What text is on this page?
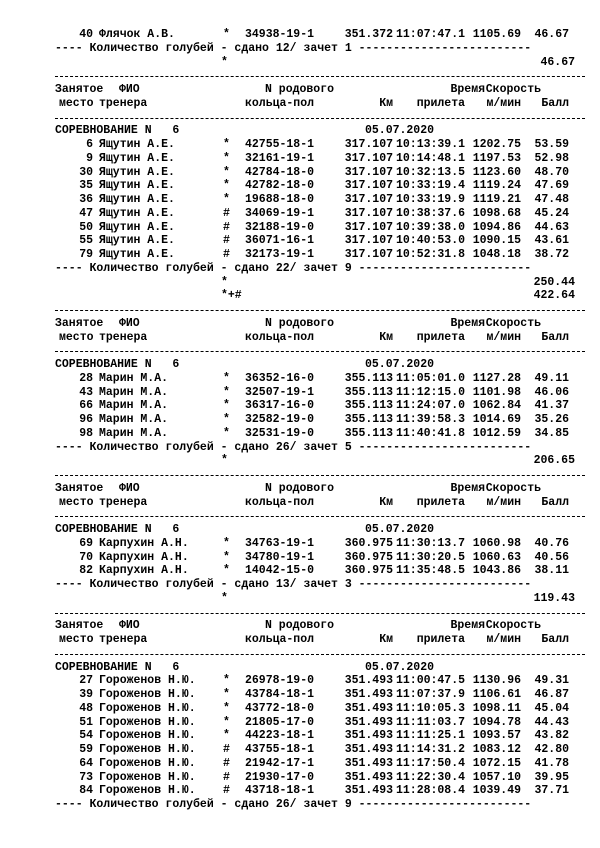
40 Флячок А.В.	* 34938-19-1	351.372 11:07:47.1 1105.69 46.67
---- Количество голубей - сдано 12/ зачет 1 -------------------------
*	46.67
Занятое ФИО	N родового	ВремяСкорость
место тренера	кольца-пол	Км прилета м/мин Балл
СОРЕВНОВАНИЕ N   6	05.07.2020
6 Ящутин А.Е.	* 42755-18-1	317.107 10:13:39.1 1202.75 53.59
9 Ящутин А.Е.	* 32161-19-1	317.107 10:14:48.1 1197.53 52.98
30 Ящутин А.Е.	* 42784-18-0	317.107 10:32:13.5 1123.60 48.70
35 Ящутин А.Е.	* 42782-18-0	317.107 10:33:19.4 1119.24 47.69
36 Ящутин А.Е.	* 19688-18-0	317.107 10:33:19.9 1119.21 47.48
47 Ящутин А.Е.	# 34069-19-1	317.107 10:38:37.6 1098.68 45.24
50 Ящутин А.Е.	# 32188-19-0	317.107 10:39:38.0 1094.86 44.63
55 Ящутин А.Е.	# 36071-16-1	317.107 10:40:53.0 1090.15 43.61
79 Ящутин А.Е.	# 32173-19-1	317.107 10:52:31.8 1048.18 38.72
---- Количество голубей - сдано 22/ зачет 9 -------------------------
*	250.44
*+#	422.64
Занятое ФИО	N родового	ВремяСкорость
место тренера	кольца-пол	Км прилета м/мин Балл
СОРЕВНОВАНИЕ N   6	05.07.2020
28 Марин М.А.	* 36352-16-0	355.113 11:05:01.0 1127.28 49.11
43 Марин М.А.	* 32507-19-1	355.113 11:12:15.0 1101.98 46.06
66 Марин М.А.	* 36317-16-0	355.113 11:24:07.0 1062.84 41.37
96 Марин М.А.	* 32582-19-0	355.113 11:39:58.3 1014.69 35.26
98 Марин М.А.	* 32531-19-0	355.113 11:40:41.8 1012.59 34.85
---- Количество голубей - сдано 26/ зачет 5 -------------------------
*	206.65
Занятое ФИО	N родового	ВремяСкорость
место тренера	кольца-пол	Км прилета м/мин Балл
СОРЕВНОВАНИЕ N   6	05.07.2020
69 Карпухин А.Н.	* 34763-19-1	360.975 11:30:13.7 1060.98 40.76
70 Карпухин А.Н.	* 34780-19-1	360.975 11:30:20.5 1060.63 40.56
82 Карпухин А.Н.	* 14042-15-0	360.975 11:35:48.5 1043.86 38.11
---- Количество голубей - сдано 13/ зачет 3 -------------------------
*	119.43
Занятое ФИО	N родового	ВремяСкорость
место тренера	кольца-пол	Км прилета м/мин Балл
СОРЕВНОВАНИЕ N   6	05.07.2020
27 Гороженов Н.Ю. * 26978-19-0	351.493 11:00:47.5 1130.96 49.31
39 Гороженов Н.Ю. * 43784-18-1	351.493 11:07:37.9 1106.61 46.87
48 Гороженов Н.Ю. * 43772-18-0	351.493 11:10:05.3 1098.11 45.04
51 Гороженов Н.Ю. * 21805-17-0	351.493 11:11:03.7 1094.78 44.43
54 Гороженов Н.Ю. * 44223-18-1	351.493 11:11:25.1 1093.57 43.82
59 Гороженов Н.Ю. # 43755-18-1	351.493 11:14:31.2 1083.12 42.80
64 Гороженов Н.Ю. # 21942-17-1	351.493 11:17:50.4 1072.15 41.78
73 Гороженов Н.Ю. # 21930-17-0	351.493 11:22:30.4 1057.10 39.95
84 Гороженов Н.Ю. # 43718-18-1	351.493 11:28:08.4 1039.49 37.71
---- Количество голубей - сдано 26/ зачет 9 -------------------------
